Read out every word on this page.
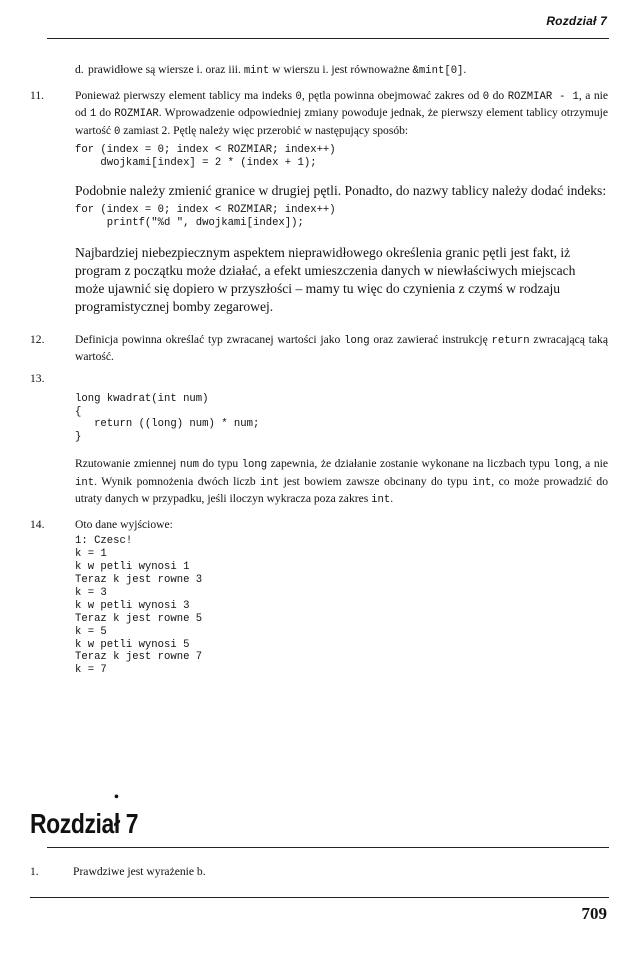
Rozdział 7

d. prawidłowe są wiersze i. oraz iii. mint w wierszu i. jest równoważne &mint[0].

11.	Ponieważ pierwszy element tablicy ma indeks 0, pętla powinna obejmować zakres od 0 do ROZMIAR - 1, a nie od 1 do ROZMIAR. Wprowadzenie odpowiedniej zmiany powoduje jednak, że pierwszy element tablicy otrzymuje wartość 0 zamiast 2. Pętlę należy więc przerobić w następujący sposób:

for (index = 0; index < ROZMIAR; index++)
dwojkami[index] = 2 * (index + 1);

Podobnie należy zmienić granice w drugiej pętli. Ponadto, do nazwy tablicy należy dodać indeks:

for (index = 0; index < ROZMIAR; index++)
printf("%d ", dwojkami[index]);

Najbardziej niebezpiecznym aspektem nieprawidłowego określenia granic pętli jest fakt, iż program z początku może działać, a efekt umieszczenia danych w niewłaściwych miejscach może ujawnić się dopiero w przyszłości – mamy tu więc do czynienia z czymś w rodzaju programistycznej bomby zegarowej.

12.	Definicja powinna określać typ zwracanej wartości jako long oraz zawierać instrukcję return zwracającą taką wartość.

13.
long kwadrat(int num)
{
return ((long) num) * num;
}

Rzutowanie zmiennej num do typu long zapewnia, że działanie zostanie wykonane na liczbach typu long, a nie int. Wynik pomnożenia dwóch liczb int jest bowiem zawsze obcinany do typu int, co może prowadzić do utraty danych w przypadku, jeśli iloczyn wykracza poza zakres int.

14.	Oto dane wyjściowe:

1: Czesc!
k = 1
k w petli wynosi 1
Teraz k jest rowne 3
k = 3
k w petli wynosi 3
Teraz k jest rowne 5
k = 5
k w petli wynosi 5
Teraz k jest rowne 7
k = 7
•
Rozdział 7

1.	Prawdziwe jest wyrażenie b.

709
